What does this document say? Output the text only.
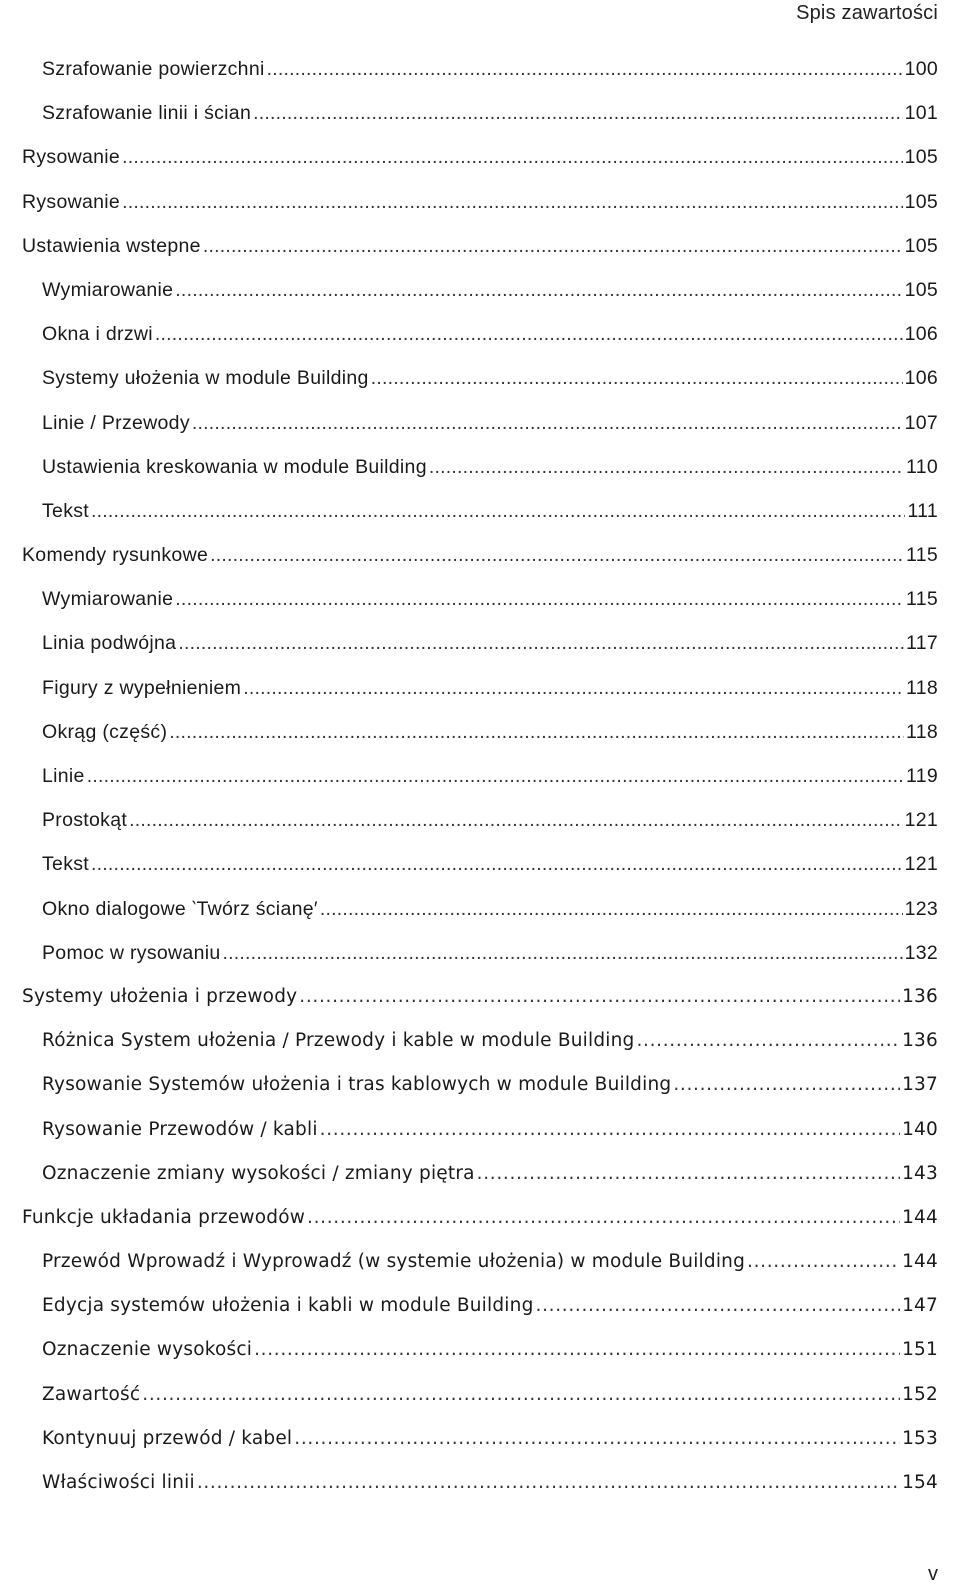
Spis zawartości
Szrafowanie powierzchni . . .	100
Szrafowanie linii i ścian . . .	101
Rysowanie . . .	105
Rysowanie . . .	105
Ustawienia wstepne . . .	105
Wymiarowanie . . .	105
Okna i drzwi . . .	106
Systemy ułożenia w module Building . . .	106
Linie / Przewody . . .	107
Ustawienia kreskowania w module Building . . .	110
Tekst . . .	111
Komendy rysunkowe . . .	115
Wymiarowanie . . .	115
Linia podwójna . . .	117
Figury z wypełnieniem . . .	118
Okrąg (część) . . .	118
Linie . . .	119
Prostokąt . . .	121
Tekst . . .	121
Okno dialogowe ‵Twórz ścianę′ . . .	123
Pomoc w rysowaniu . . .	132
Systemy ułożenia i przewody . . .	136
Różnica System ułożenia / Przewody i kable w module Building . . .	136
Rysowanie Systemów ułożenia i tras kablowych w module Building . . .	137
Rysowanie Przewodów / kabli . . .	140
Oznaczenie zmiany wysokości / zmiany piętra . . .	143
Funkcje układania przewodów . . .	144
Przewód Wprowadź i Wyprowadź (w systemie ułożenia) w module Building . . .	144
Edycja systemów ułożenia i kabli w module Building . . .	147
Oznaczenie wysokości . . .	151
Zawartość . . .	152
Kontynuuj przewód / kabel . . .	153
Właściwości linii . . .	154
v
